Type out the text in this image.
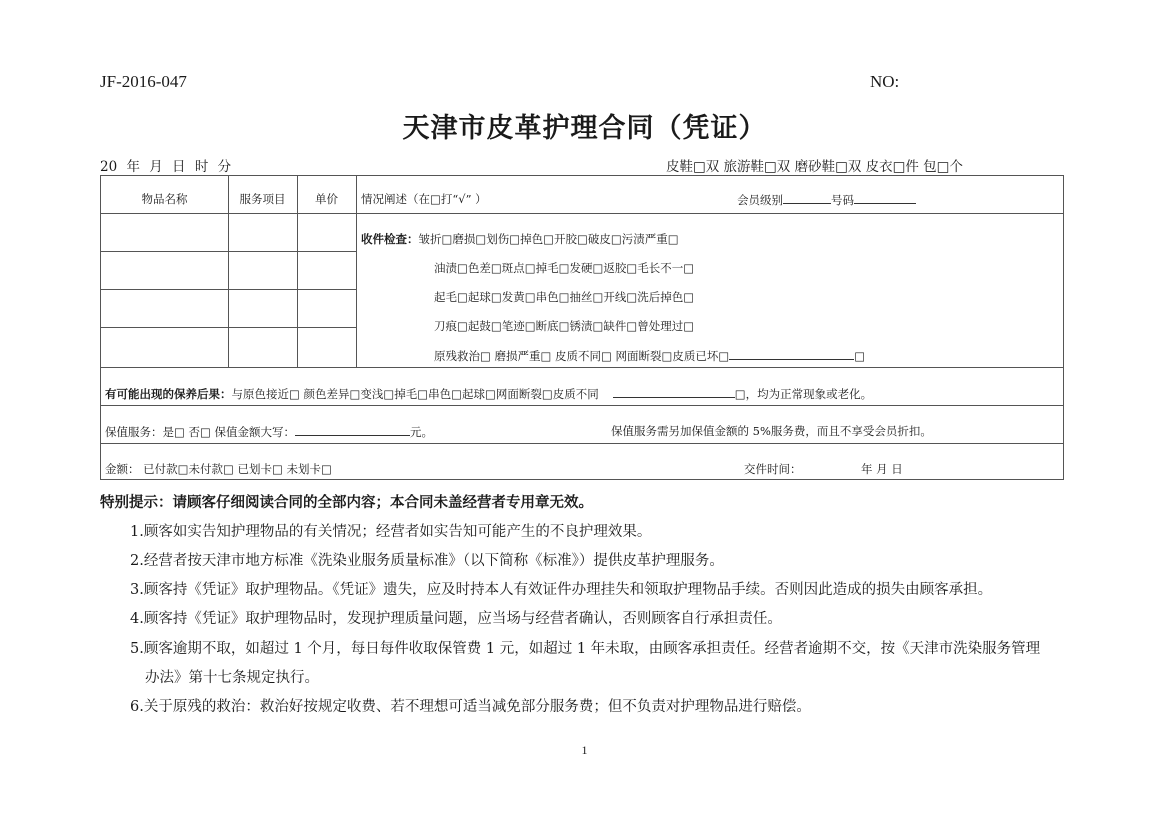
JF-2016-047	NO:
天津市皮革护理合同（凭证）
20 年 月 日 时 分	皮鞋□双 旅游鞋□双 磨砂鞋□双 皮衣□件 包□个
物品名称	服务项目	单价	情况阐述（在□打“√” ）	会员级别	号码
收件检查：皱折□磨损□划伤□掉色□开胶□破皮□污渍严重□
油渍□色差□斑点□掉毛□发硬□返胶□毛长不一□
起毛□起球□发黄□串色□抽丝□开线□洗后掉色□
刀痕□起鼓□笔迹□断底□锈渍□缺件□曾处理过□
原残救治□ 磨损严重□ 皮质不同□ 网面断裂□皮质已坏□	□
有可能出现的保养后果：与原色接近□ 颜色差异□变浅□掉毛□串色□起球□网面断裂□皮质不同	□，均为正常现象或老化。
保值服务：是□ 否□ 保值金额大写：	元。	保值服务需另加保值金额的 5%服务费，而且不享受会员折扣。
金额： 已付款□未付款□ 已划卡□ 未划卡□	交件时间：	年 月 日
特别提示：请顾客仔细阅读合同的全部内容；本合同未盖经营者专用章无效。
1.顾客如实告知护理物品的有关情况；经营者如实告知可能产生的不良护理效果。
2.经营者按天津市地方标准《洗染业服务质量标准》（以下简称《标准》）提供皮革护理服务。
3.顾客持《凭证》取护理物品。《凭证》遗失，应及时持本人有效证件办理挂失和领取护理物品手续。否则因此造成的损失由顾客承担。
4.顾客持《凭证》取护理物品时，发现护理质量问题，应当场与经营者确认，否则顾客自行承担责任。
5.顾客逾期不取，如超过 1 个月，每日每件收取保管费 1 元，如超过 1 年未取，由顾客承担责任。经营者逾期不交，按《天津市洗染服务管理
办法》第十七条规定执行。
6.关于原残的救治：救治好按规定收费、若不理想可适当减免部分服务费；但不负责对护理物品进行赔偿。
1
